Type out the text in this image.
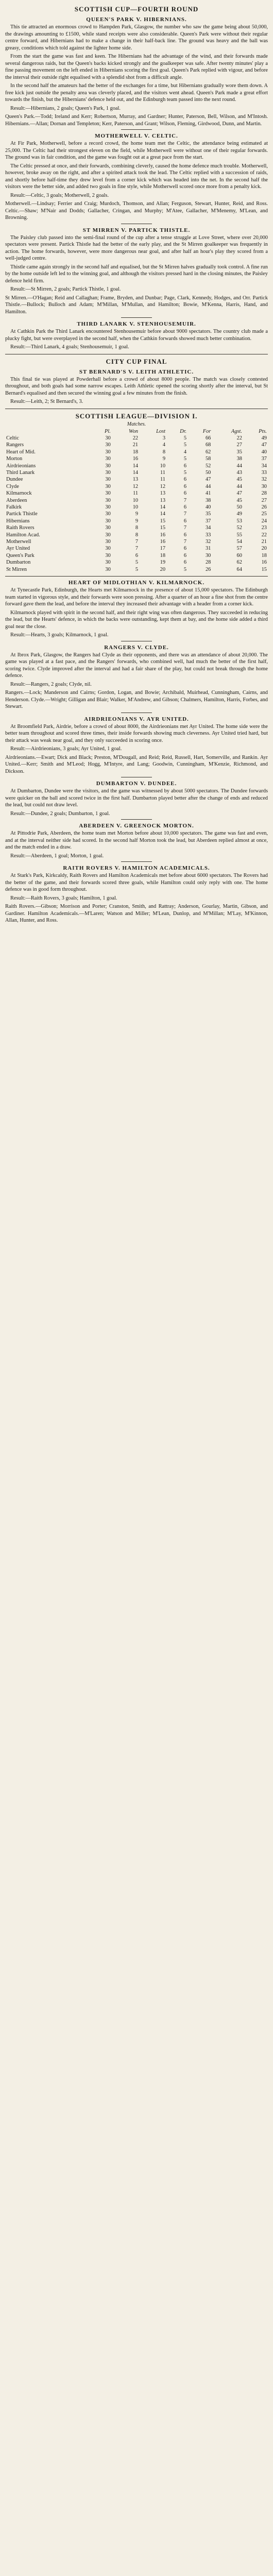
SCOTTISH CUP—FOURTH ROUND
QUEEN'S PARK V. HIBERNIANS.

This tie attracted an enormous crowd to Hampden Park, Glasgow, the number who saw the game being about 50,000, the drawings amounting to £1500, while stand receipts were also considerable. Queen's Park were without their regular centre forward, and Hibernians had to make a change in their half-back line. The ground was heavy and the ball was greasy, conditions which told against the lighter home side.

From the start the game was fast and keen. The Hibernians had the advantage of the wind, and their forwards made several dangerous raids, but the Queen's backs kicked strongly and the goalkeeper was safe. After twenty minutes' play a fine passing movement on the left ended in Hibernians scoring the first goal. Queen's Park replied with vigour, and before the interval their outside right equalised with a splendid shot from a difficult angle.

In the second half the amateurs had the better of the exchanges for a time, but Hibernians gradually wore them down. A free kick just outside the penalty area was cleverly placed, and the visitors went ahead. Queen's Park made a great effort towards the finish, but the Hibernians' defence held out, and the Edinburgh team passed into the next round.

Result:—Hibernians, 2 goals; Queen's Park, 1 goal.

Queen's Park.—Todd; Ireland and Kerr; Robertson, Murray, and Gardner; Hunter, Paterson, Bell, Wilson, and M'Intosh. Hibernians.—Allan; Dornan and Templeton; Kerr, Paterson, and Grant; Wilson, Fleming, Girdwood, Dunn, and Martin.

MOTHERWELL V. CELTIC.

At Fir Park, Motherwell, before a record crowd, the home team met the Celtic, the attendance being estimated at 25,000. The Celtic had their strongest eleven on the field, while Motherwell were without one of their regular forwards. The ground was in fair condition, and the game was fought out at a great pace from the start.

The Celtic pressed at once, and their forwards, combining cleverly, caused the home defence much trouble. Motherwell, however, broke away on the right, and after a spirited attack took the lead. The Celtic replied with a succession of raids, and shortly before half-time they drew level from a corner kick which was headed into the net. In the second half the visitors were the better side, and added two goals in fine style, while Motherwell scored once more from a penalty kick.

Result:—Celtic, 3 goals; Motherwell, 2 goals.

Motherwell.—Lindsay; Ferrier and Craig; Murdoch, Thomson, and Allan; Ferguson, Stewart, Hunter, Reid, and Ross. Celtic.—Shaw; M'Nair and Dodds; Gallacher, Cringan, and Murphy; M'Atee, Gallacher, M'Menemy, M'Lean, and Browning.

ST MIRREN V. PARTICK THISTLE.

The Paisley club passed into the semi-final round of the cup after a tense struggle at Love Street, where over 20,000 spectators were present. Partick Thistle had the better of the early play, and the St Mirren goalkeeper was frequently in action. The home forwards, however, were more dangerous near goal, and after half an hour's play they scored from a well-judged centre.

Thistle came again strongly in the second half and equalised, but the St Mirren halves gradually took control. A fine run by the home outside left led to the winning goal, and although the visitors pressed hard in the closing minutes, the Paisley defence held firm.

Result:—St Mirren, 2 goals; Partick Thistle, 1 goal.

St Mirren.—O'Hagan; Reid and Callaghan; Frame, Bryden, and Dunbar; Page, Clark, Kennedy, Hodges, and Orr. Partick Thistle.—Bullock; Bulloch and Adam; M'Millan, M'Mullan, and Hamilton; Bowie, M'Kenna, Harris, Hand, and Hamilton.

THIRD LANARK V. STENHOUSEMUIR.

At Cathkin Park the Third Lanark encountered Stenhousemuir before about 9000 spectators. The country club made a plucky fight, but were overplayed in the second half, when the Cathkin forwards showed much better combination.

Result:—Third Lanark, 4 goals; Stenhousemuir, 1 goal.

CITY CUP FINAL
ST BERNARD'S V. LEITH ATHLETIC.

This final tie was played at Powderhall before a crowd of about 8000 people. The match was closely contested throughout, and both goals had some narrow escapes. Leith Athletic opened the scoring shortly after the interval, but St Bernard's equalised and then secured the winning goal a few minutes from the finish.

Result:—Leith, 2; St Bernard's, 3.

SCOTTISH LEAGUE—DIVISION I.
Matches.
	Pl.	Won	Lost	Dr.	For	Agst.	Pts.
Celtic	30	22	3	5	66	22	49
Rangers	30	21	4	5	68	27	47
Heart of Mid.	30	18	8	4	62	35	40
Morton	30	16	9	5	58	38	37
Airdrieonians	30	14	10	6	52	44	34
Third Lanark	30	14	11	5	50	43	33
Dundee	30	13	11	6	47	45	32
Clyde	30	12	12	6	44	44	30
Kilmarnock	30	11	13	6	41	47	28
Aberdeen	30	10	13	7	38	45	27
Falkirk	30	10	14	6	40	50	26
Partick Thistle	30	9	14	7	35	49	25
Hibernians	30	9	15	6	37	53	24
Raith Rovers	30	8	15	7	34	52	23
Hamilton Acad.	30	8	16	6	33	55	22
Motherwell	30	7	16	7	32	54	21
Ayr United	30	7	17	6	31	57	20
Queen's Park	30	6	18	6	30	60	18
Dumbarton	30	5	19	6	28	62	16
St Mirren	30	5	20	5	26	64	15
HEART OF MIDLOTHIAN V. KILMARNOCK.

At Tynecastle Park, Edinburgh, the Hearts met Kilmarnock in the presence of about 15,000 spectators. The Edinburgh team started in vigorous style, and their forwards were soon pressing. After a quarter of an hour a fine shot from the centre forward gave them the lead, and before the interval they increased their advantage with a header from a corner kick.

Kilmarnock played with spirit in the second half, and their right wing was often dangerous. They succeeded in reducing the lead, but the Hearts' defence, in which the backs were outstanding, kept them at bay, and the home side added a third goal near the close.

Result:—Hearts, 3 goals; Kilmarnock, 1 goal.

RANGERS V. CLYDE.

At Ibrox Park, Glasgow, the Rangers had Clyde as their opponents, and there was an attendance of about 20,000. The game was played at a fast pace, and the Rangers' forwards, who combined well, had much the better of the first half, scoring twice. Clyde improved after the interval and had a fair share of the play, but could not break through the home defence.

Result:—Rangers, 2 goals; Clyde, nil.

Rangers.—Lock; Manderson and Cairns; Gordon, Logan, and Bowie; Archibald, Muirhead, Cunningham, Cairns, and Henderson. Clyde.—Wright; Gilligan and Blair; Walker, M'Andrew, and Gibson; Chalmers, Hamilton, Harris, Forbes, and Stewart.

AIRDRIEONIANS V. AYR UNITED.

At Broomfield Park, Airdrie, before a crowd of about 8000, the Airdrieonians met Ayr United. The home side were the better team throughout and scored three times, their inside forwards showing much cleverness. Ayr United tried hard, but their attack was weak near goal, and they only succeeded in scoring once.

Result:—Airdrieonians, 3 goals; Ayr United, 1 goal.

Airdrieonians.—Ewart; Dick and Black; Preston, M'Dougall, and Reid; Reid, Russell, Hart, Somerville, and Rankin. Ayr United.—Kerr; Smith and M'Leod; Hogg, M'Intyre, and Lang; Goodwin, Cunningham, M'Kenzie, Richmond, and Dickson.

DUMBARTON V. DUNDEE.

At Dumbarton, Dundee were the visitors, and the game was witnessed by about 5000 spectators. The Dundee forwards were quicker on the ball and scored twice in the first half. Dumbarton played better after the change of ends and reduced the lead, but could not draw level.

Result:—Dundee, 2 goals; Dumbarton, 1 goal.

ABERDEEN V. GREENOCK MORTON.

At Pittodrie Park, Aberdeen, the home team met Morton before about 10,000 spectators. The game was fast and even, and at the interval neither side had scored. In the second half Morton took the lead, but Aberdeen replied almost at once, and the match ended in a draw.

Result:—Aberdeen, 1 goal; Morton, 1 goal.

RAITH ROVERS V. HAMILTON ACADEMICALS.

At Stark's Park, Kirkcaldy, Raith Rovers and Hamilton Academicals met before about 6000 spectators. The Rovers had the better of the game, and their forwards scored three goals, while Hamilton could only reply with one. The home defence was in good form throughout.

Result:—Raith Rovers, 3 goals; Hamilton, 1 goal.

Raith Rovers.—Gibson; Morrison and Porter; Cranston, Smith, and Rattray; Anderson, Gourlay, Martin, Gibson, and Gardiner. Hamilton Academicals.—M'Laren; Watson and Miller; M'Lean, Dunlop, and M'Millan; M'Lay, M'Kinnon, Allan, Hunter, and Ross.
